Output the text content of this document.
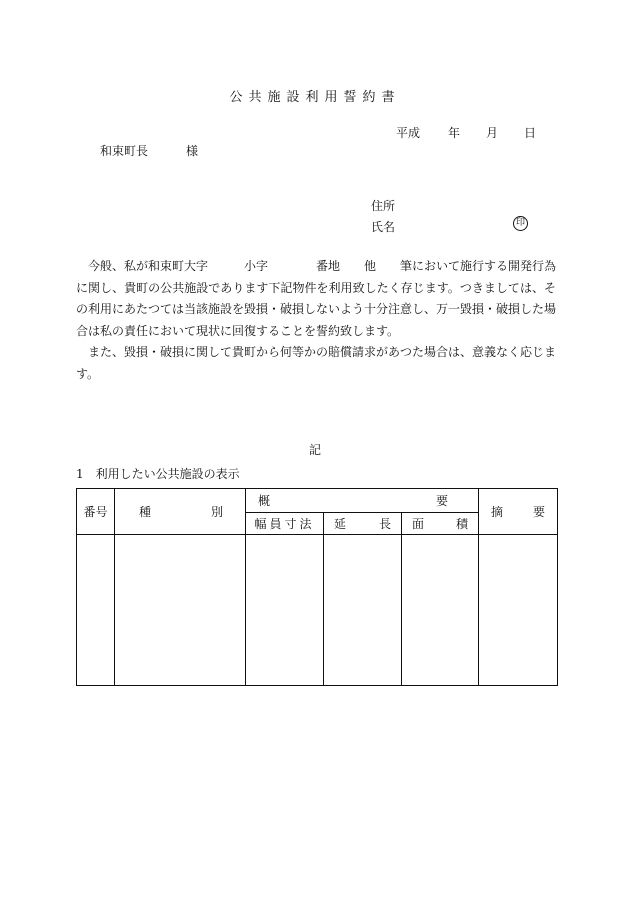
公共施設利用誓約書
平成 年 月 日
和束町長	様
住所
氏名	印

今般、私が和束町大字　　　小字　　　　番地　　他　　筆において施行する開発行為に関し、貴町の公共施設であります下記物件を利用致したく存じます。つきましては、その利用にあたつては当該施設を毀損・破損しないよう十分注意し、万一毀損・破損した場合は私の責任において現状に回復することを誓約致します。

また、毀損・破損に関して貴町から何等かの賠償請求があつた場合は、意義なく応じます。

記
1　利用したい公共施設の表示
番号	種 別	概 要			摘 要

		幅員寸法	延 長	面 積	
